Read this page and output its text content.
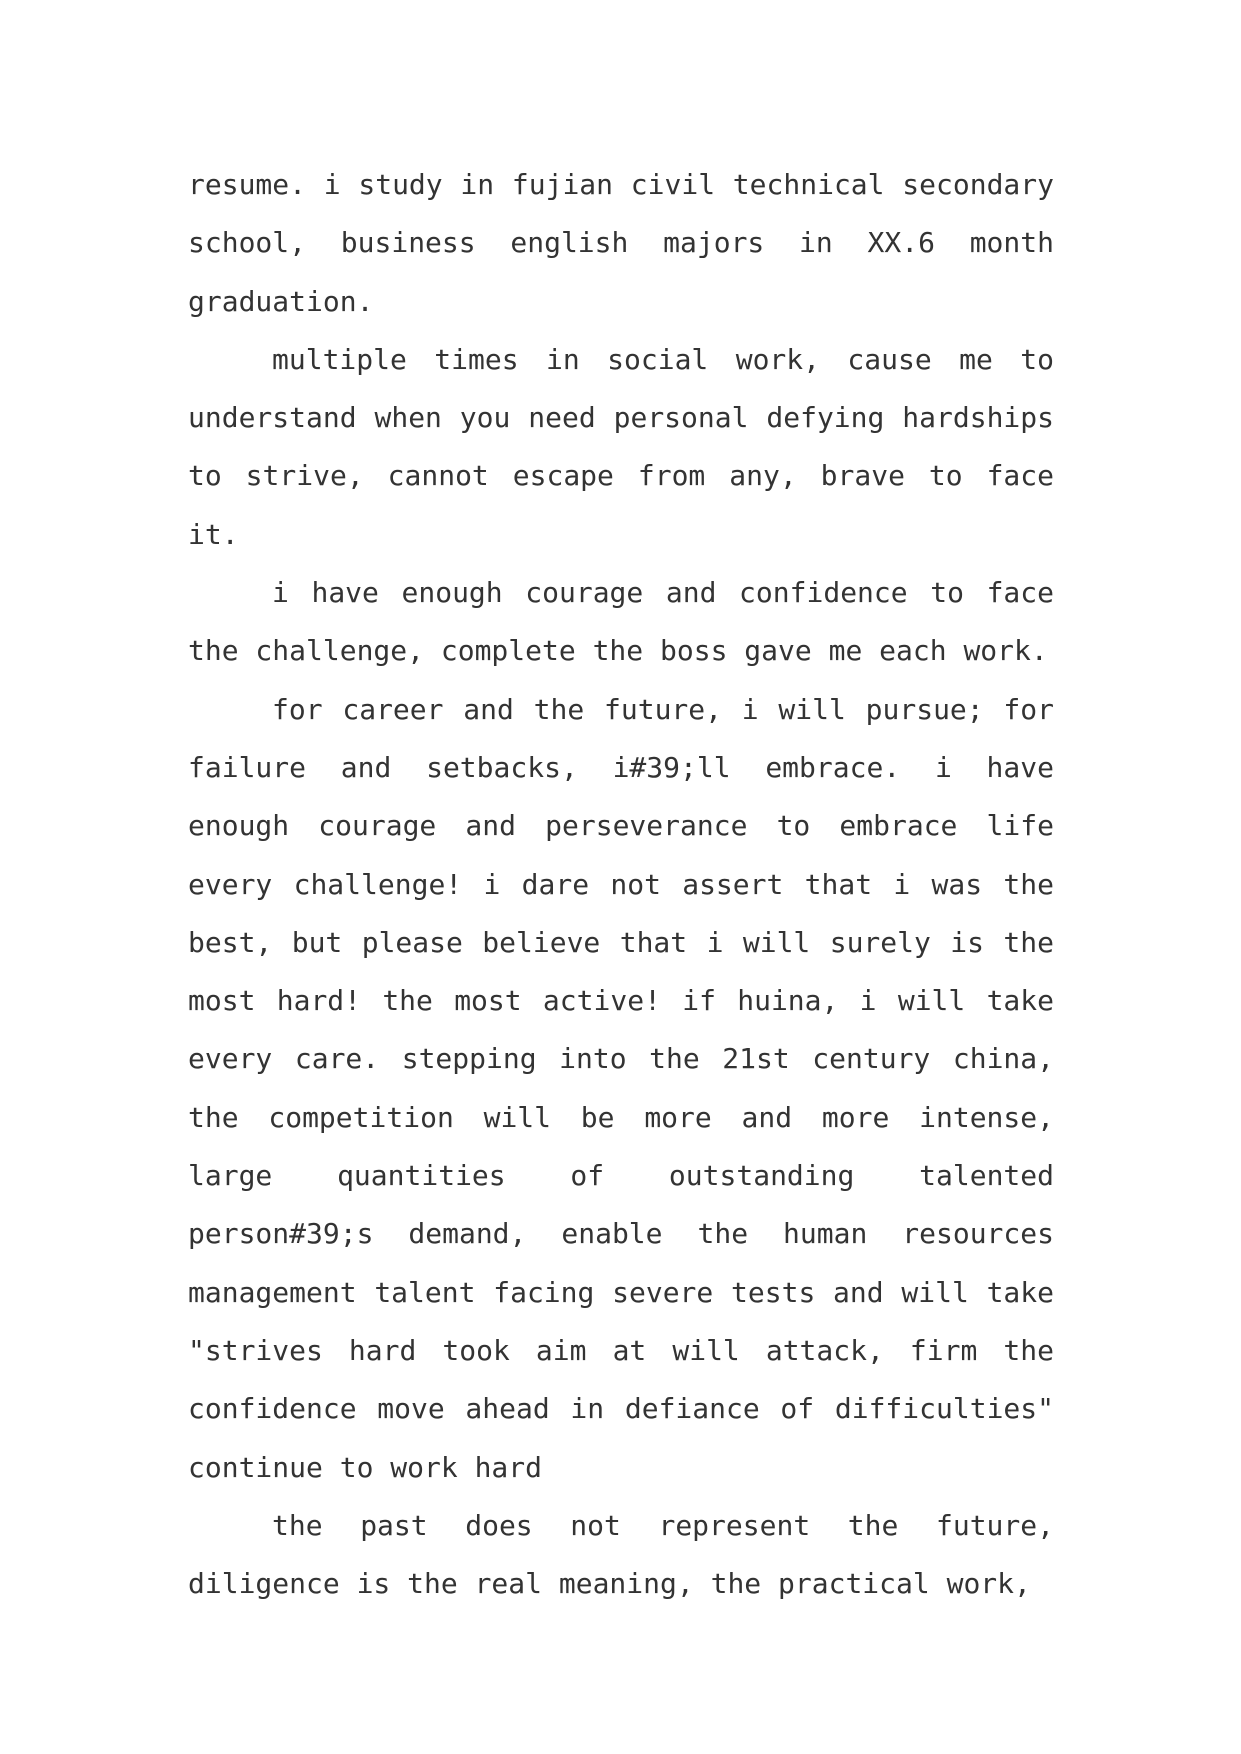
resume. i study in fujian civil technical secondary school, business english majors in XX.6 month graduation.

multiple times in social work, cause me to understand when you need personal defying hardships to strive, cannot escape from any, brave to face it.

i have enough courage and confidence to face the challenge, complete the boss gave me each work.

for career and the future, i will pursue; for failure and setbacks, i#39;ll embrace. i have enough courage and perseverance to embrace life every challenge! i dare not assert that i was the best, but please believe that i will surely is the most hard! the most active! if huina, i will take every care. stepping into the 21st century china, the competition will be more and more intense, large quantities of outstanding talented person#39;s demand, enable the human resources management talent facing severe tests and will take "strives hard took aim at will attack, firm the confidence move ahead in defiance of difficulties" continue to work hard

the past does not represent the future, diligence is the real meaning, the practical work,
